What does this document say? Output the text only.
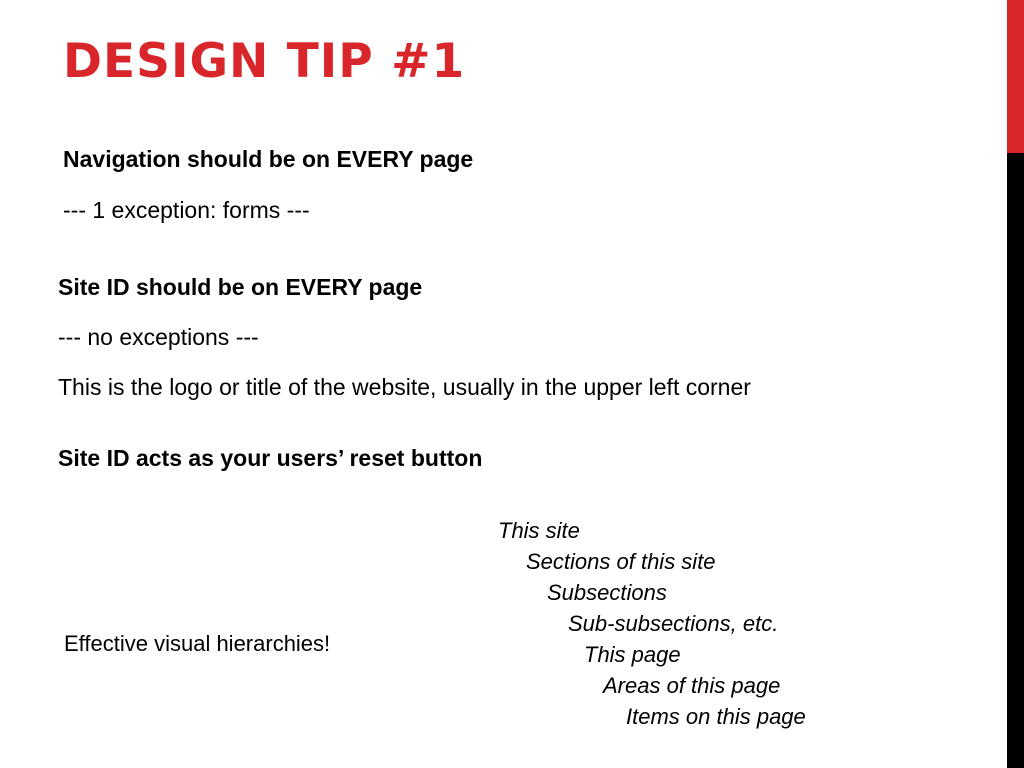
DESIGN TIP #1
Navigation should be on EVERY page
--- 1 exception: forms ---
Site ID should be on EVERY page
--- no exceptions ---
This is the logo or title of the website, usually in the upper left corner
Site ID acts as your users’ reset button
Effective visual hierarchies!
This site
Sections of this site
Subsections
Sub-subsections, etc.
This page
Areas of this page
Items on this page
